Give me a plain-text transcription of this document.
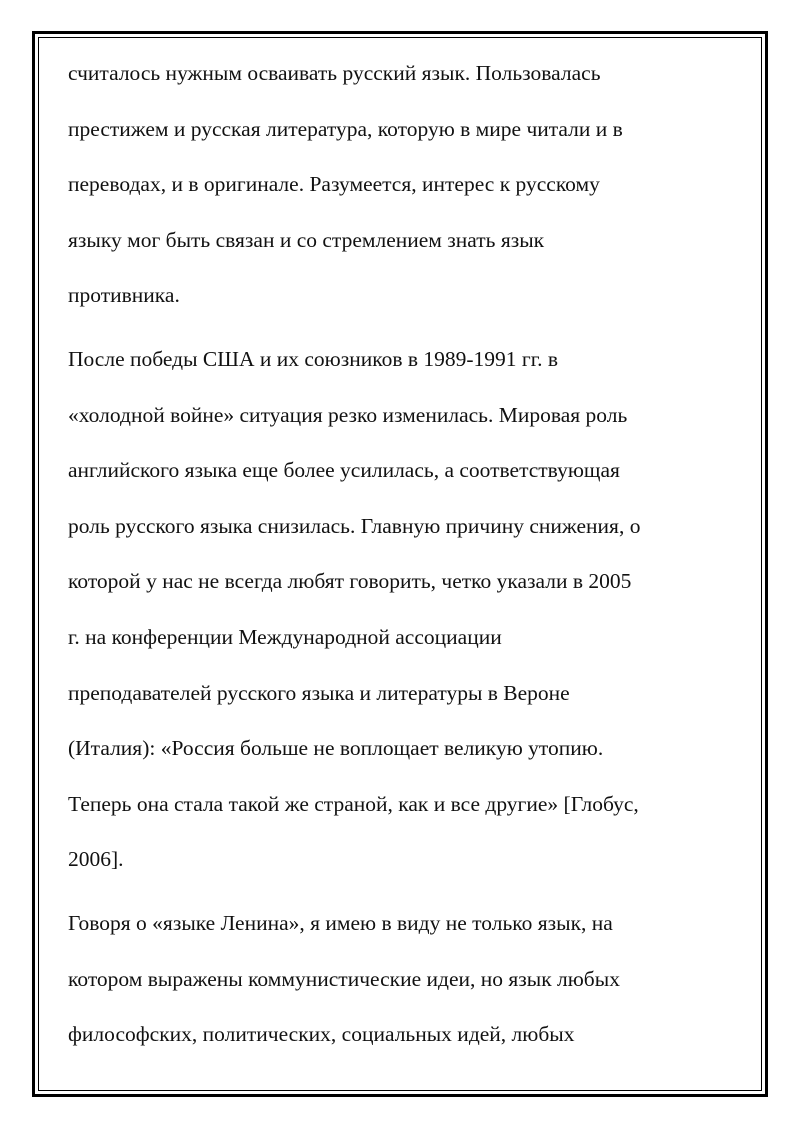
считалось нужным осваивать русский язык. Пользовалась

престижем и русская литература, которую в мире читали и в

переводах, и в оригинале. Разумеется, интерес к русскому

языку мог быть связан и со стремлением знать язык

противника.

После победы США и их союзников в 1989-1991 гг. в

«холодной войне» ситуация резко изменилась. Мировая роль

английского языка еще более усилилась, а соответствующая

роль русского языка снизилась. Главную причину снижения, о

которой у нас не всегда любят говорить, четко указали в 2005

г. на конференции Международной ассоциации

преподавателей русского языка и литературы в Вероне

(Италия): «Россия больше не воплощает великую утопию.

Теперь она стала такой же страной, как и все другие» [Глобус,

2006].

Говоря о «языке Ленина», я имею в виду не только язык, на

котором выражены коммунистические идеи, но язык любых

философских, политических, социальных идей, любых
